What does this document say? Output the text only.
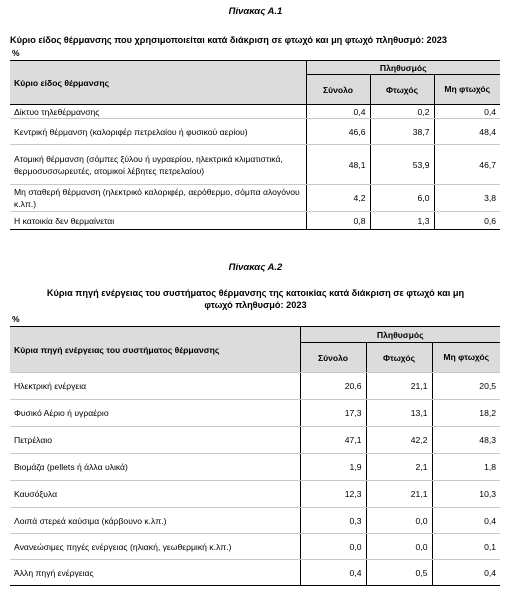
Πίνακας Α.1
Κύριο είδος θέρμανσης που χρησιμοποιείται κατά διάκριση σε φτωχό και μη φτωχό πληθυσμό: 2023
%
Κύριο είδος θέρμανσης	Πληθυσμός		
	Σύνολο	Φτωχός	Μη φτωχός
Δίκτυο τηλεθέρμανσης	0,4	0,2	0,4
Κεντρική θέρμανση (καλοριφέρ πετρελαίου ή φυσικού αερίου)	46,6	38,7	48,4
Ατομική θέρμανση (σόμπες ξύλου ή υγραερίου, ηλεκτρικά κλιματιστικά, θερμοσυσσωρευτές, ατομικοί λέβητες πετρελαίου)	48,1	53,9	46,7
Μη σταθερή θέρμανση (ηλεκτρικό καλοριφέρ, αερόθερμο, σόμπα αλογόνου κ.λπ.)	4,2	6,0	3,8
Η κατοικία δεν θερμαίνεται	0,8	1,3	0,6
Πίνακας Α.2
Κύρια πηγή ενέργειας του συστήματος θέρμανσης της κατοικίας κατά διάκριση σε φτωχό και μη
φτωχό πληθυσμό: 2023
%
Κύρια πηγή ενέργειας του συστήματος θέρμανσης	Πληθυσμός		
	Σύνολο	Φτωχός	Μη φτωχός
Ηλεκτρική ενέργεια	20,6	21,1	20,5
Φυσικό Αέριο ή υγραέριο	17,3	13,1	18,2
Πετρέλαιο	47,1	42,2	48,3
Βιομάζα (pellets ή άλλα υλικά)	1,9	2,1	1,8
Καυσόξυλα	12,3	21,1	10,3
Λοιπά στερεά καύσιμα (κάρβουνο κ.λπ.)	0,3	0,0	0,4
Ανανεώσιμες πηγές ενέργειας (ηλιακή, γεωθερμική κ.λπ.)	0,0	0,0	0,1
Άλλη πηγή ενέργειας	0,4	0,5	0,4
